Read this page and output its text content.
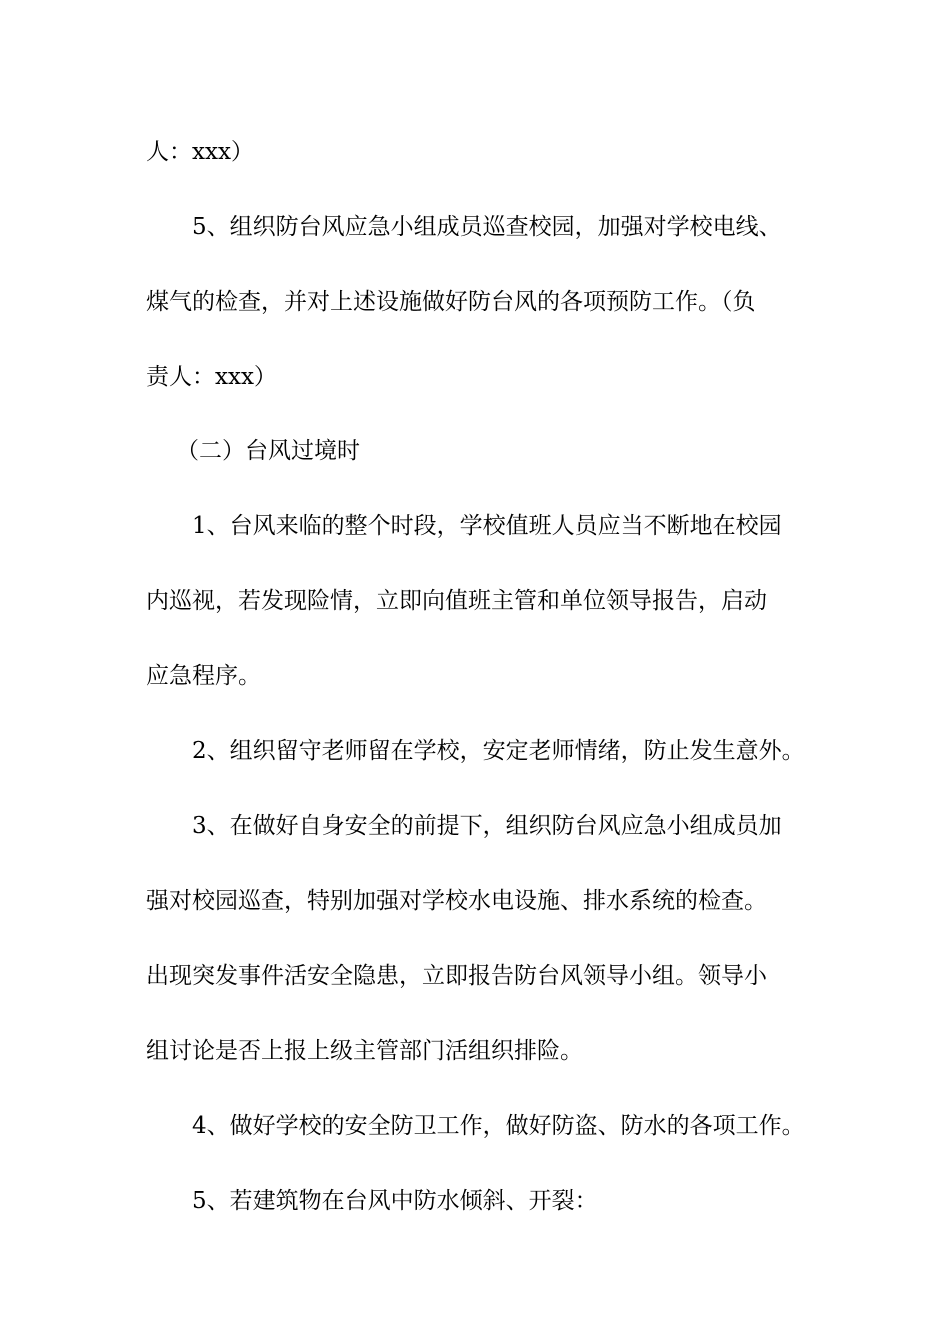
人：xxx）
5、组织防台风应急小组成员巡查校园，加强对学校电线、
煤气的检查，并对上述设施做好防台风的各项预防工作。（负
责人：xxx）
（二）台风过境时
1、台风来临的整个时段，学校值班人员应当不断地在校园
内巡视，若发现险情，立即向值班主管和单位领导报告，启动
应急程序。
2、组织留守老师留在学校，安定老师情绪，防止发生意外。
3、在做好自身安全的前提下，组织防台风应急小组成员加
强对校园巡查，特别加强对学校水电设施、排水系统的检查。
出现突发事件活安全隐患，立即报告防台风领导小组。领导小
组讨论是否上报上级主管部门活组织排险。
4、做好学校的安全防卫工作，做好防盗、防水的各项工作。
5、若建筑物在台风中防水倾斜、开裂：
